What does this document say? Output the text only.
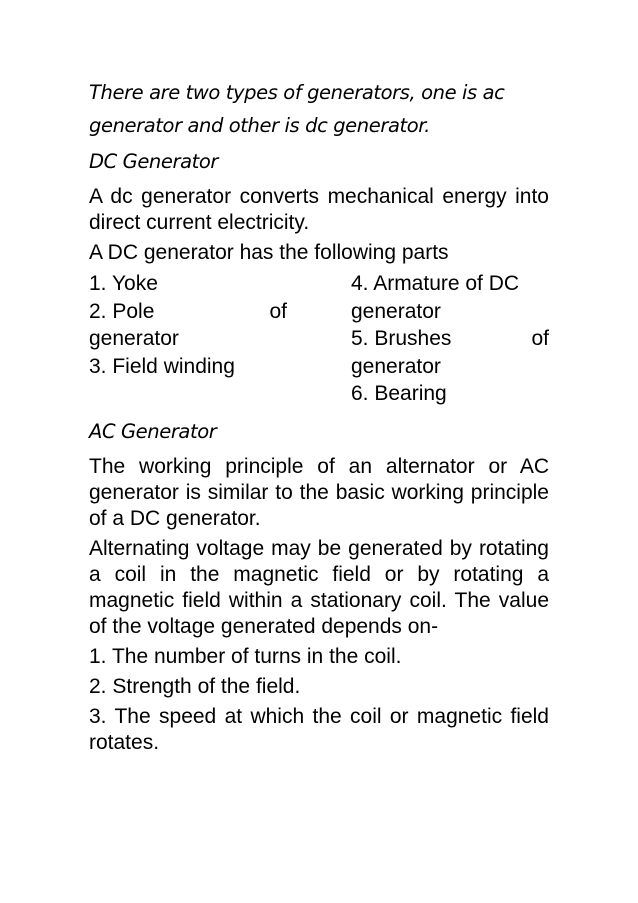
There are two types of generators, one is ac

generator and other is dc generator.

DC Generator

A dc generator converts mechanical energy into direct current electricity.

A DC generator has the following parts

1. Yoke

2. Pole	of

generator

3. Field winding

4. Armature of DC

generator

5. Brushes	of

generator

6. Bearing

AC Generator

The working principle of an alternator or AC generator is similar to the basic working principle of a DC generator.

Alternating voltage may be generated by rotating a coil in the magnetic field or by rotating a magnetic field within a stationary coil. The value of the voltage generated depends on-

1. The number of turns in the coil.

2. Strength of the field.

3. The speed at which the coil or magnetic field rotates.
